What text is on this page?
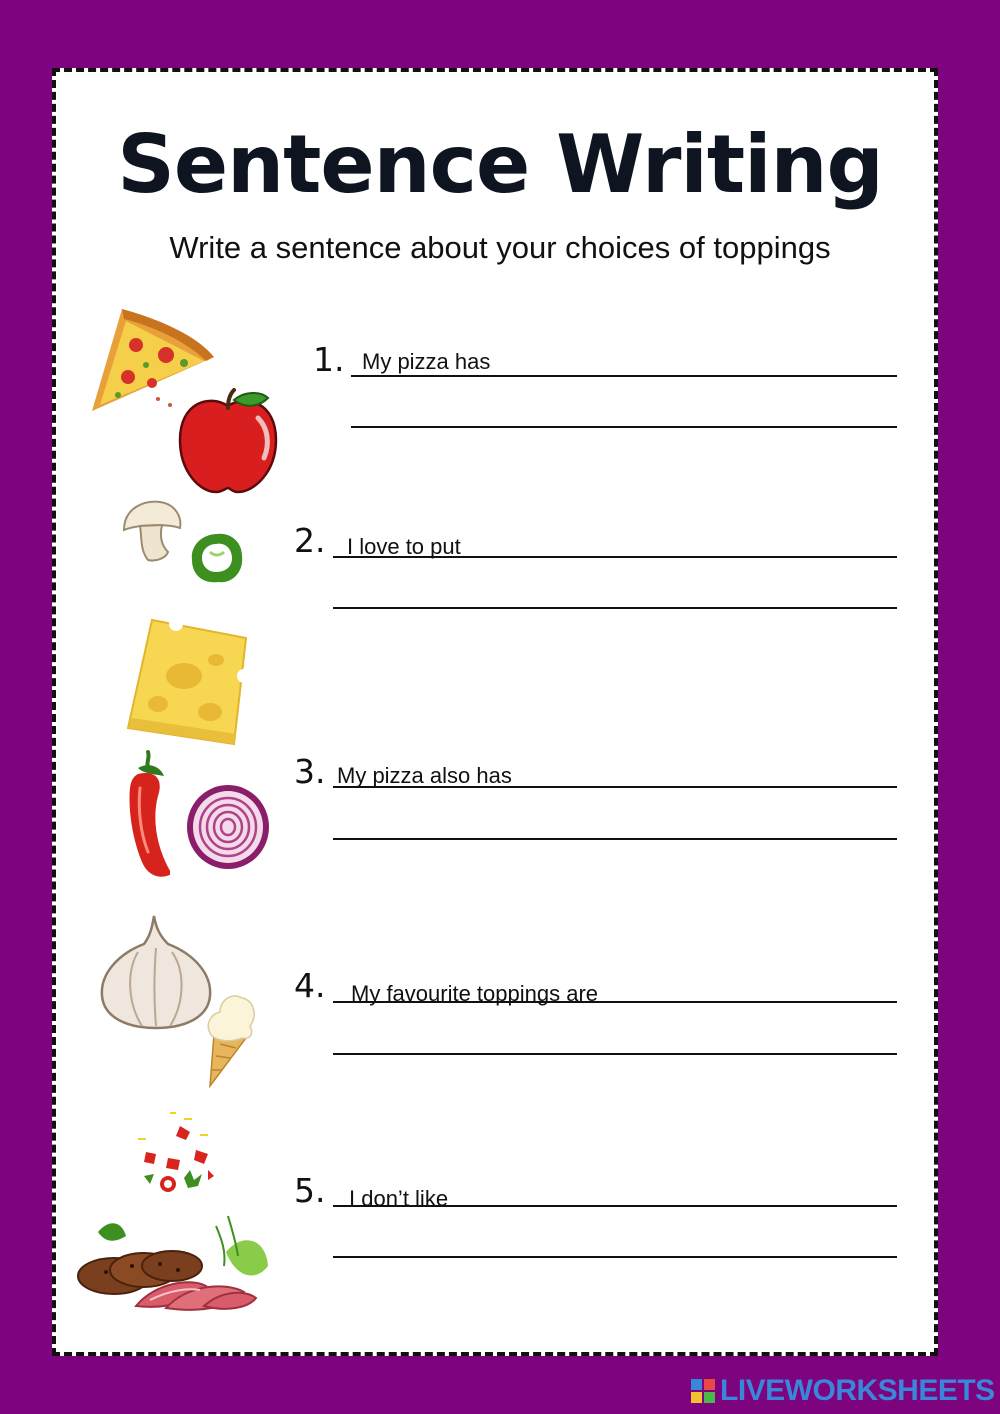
Sentence Writing

Write a sentence about your choices of toppings

1. My pizza has
2. I love to put
3. My pizza also has
4. My favourite toppings are
5. I don’t like
LIVEWORKSHEETS
